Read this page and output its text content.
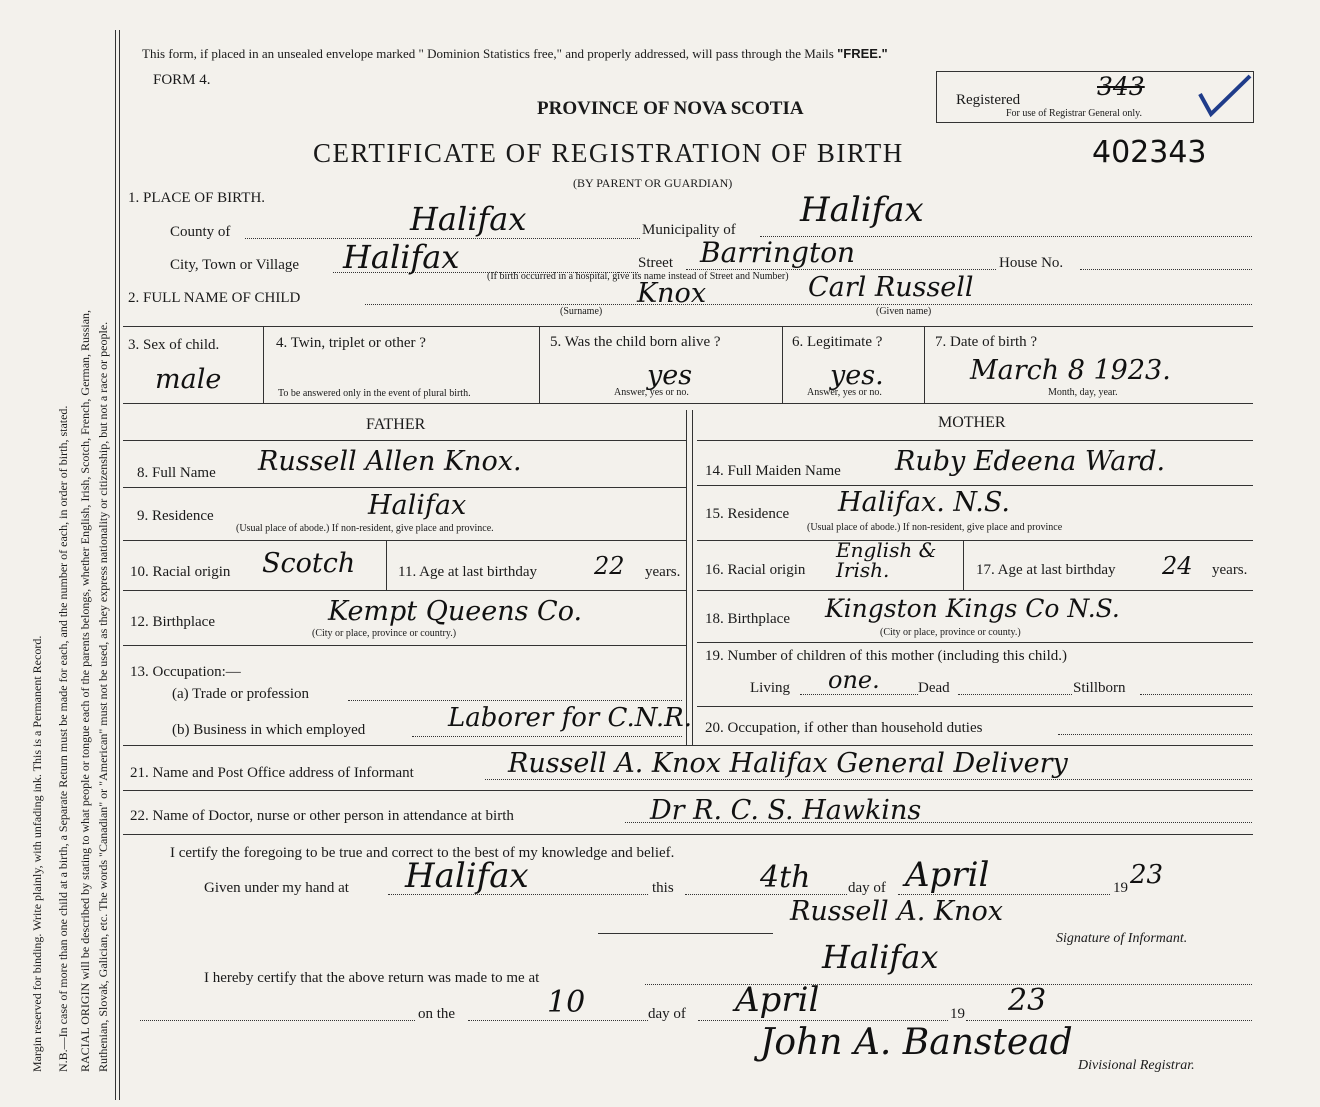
Margin reserved for binding. Write plainly, with unfading ink. This is a Permanent Record. N.B.—In case of more than one child at a birth, a Separate Return must be made for each, and the number of each, in order of birth, stated. RACIAL ORIGIN will be described by stating to what people or tongue each of the parents belongs, whether English, Irish, Scotch, French, German, Russian, Ruthenian, Slovak, Galician, etc. The words "Canadian" or "American" must not be used, as they express nationality or citizenship, but not a race or people.
This form, if placed in an unsealed envelope marked " Dominion Statistics free," and properly addressed, will pass through the Mails "FREE."
FORM 4.
PROVINCE OF NOVA SCOTIA	Registered	343
For use of Registrar General only.
CERTIFICATE OF REGISTRATION OF BIRTH	402343
(BY PARENT OR GUARDIAN)
1. PLACE OF BIRTH.
County of	Halifax	Municipality of Halifax
City, Town or Village Halifax	Street Barrington
(If birth occurred in a hospital, give its name instead of Street and Number)
House No.
2. FULL NAME OF CHILD	Knox
(Surname)
Carl Russell
(Given name)
3. Sex of child.
male
4. Twin, triplet or other ?
To be answered only in the event of plural birth.
5. Was the child born alive ?
yes
Answer, yes or no.
6. Legitimate ?
yes.
Answer, yes or no.
7. Date of birth ?
March 8 1923.
Month, day, year.
FATHER	MOTHER
8. Full Name Russell Allen Knox.
9. Residence	Halifax
(Usual place of abode.) If non-resident, give place and province.
10. Racial origin Scotch	11. Age at last birthday 22 years.
12. Birthplace	Kempt Queens Co.
(City or place, province or country.)
13. Occupation:—
(a) Trade or profession
(b) Business in which employed	Laborer for C.N.R.
14. Full Maiden Name Ruby Edeena Ward.
15. Residence Halifax. N.S.
(Usual place of abode.) If non-resident, give place and province
16. Racial origin
English & Irish.	17. Age at last birthday 24 years.
18. Birthplace Kingston Kings Co N.S.
(City or place, province or county.)
19. Number of children of this mother (including this child.)
Living one.	Dead	Stillborn
20. Occupation, if other than household duties
21. Name and Post Office address of Informant	Russell A. Knox Halifax General Delivery
22. Name of Doctor, nurse or other person in attendance at birth	Dr R. C. S. Hawkins
I certify the foregoing to be true and correct to the best of my knowledge and belief.
Given under my hand at Halifax	this	4th	day of April	19 23
Russell A. Knox
Signature of Informant.
I hereby certify that the above return was made to me at
Halifax
on the	10	day of April	19 23
John A. Banstead
Divisional Registrar.
